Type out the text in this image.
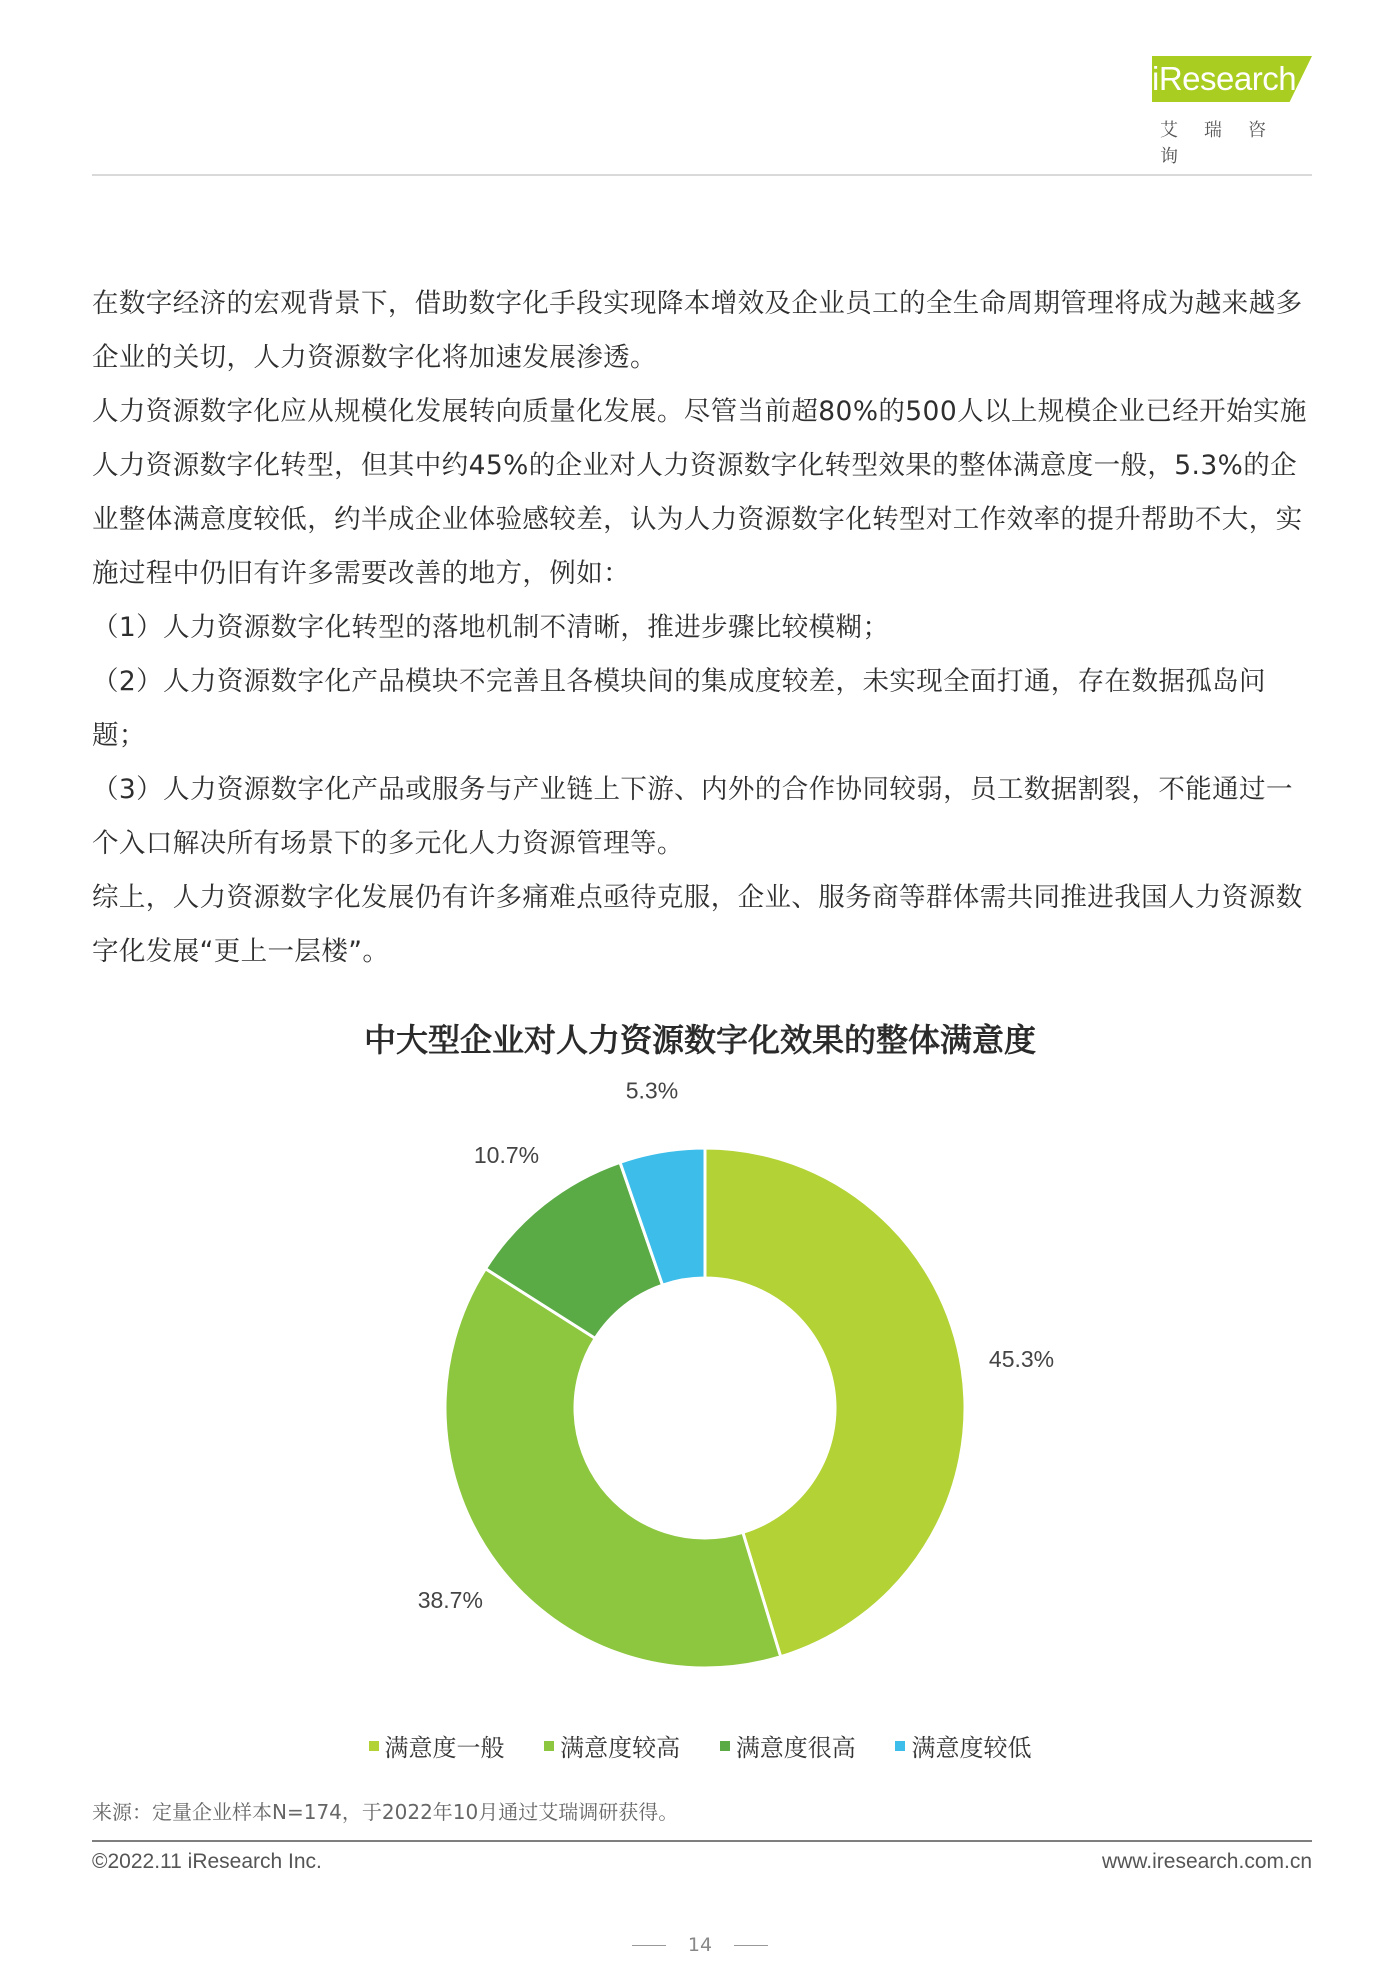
iResearch
艾瑞咨询

在数字经济的宏观背景下，借助数字化手段实现降本增效及企业员工的全生命周期管理将成为越来越多企业的关切，人力资源数字化将加速发展渗透。

人力资源数字化应从规模化发展转向质量化发展。尽管当前超80%的500人以上规模企业已经开始实施人力资源数字化转型，但其中约45%的企业对人力资源数字化转型效果的整体满意度一般，5.3%的企业整体满意度较低，约半成企业体验感较差，认为人力资源数字化转型对工作效率的提升帮助不大，实施过程中仍旧有许多需要改善的地方，例如：

（1）人力资源数字化转型的落地机制不清晰，推进步骤比较模糊；

（2）人力资源数字化产品模块不完善且各模块间的集成度较差，未实现全面打通，存在数据孤岛问题；

（3）人力资源数字化产品或服务与产业链上下游、内外的合作协同较弱，员工数据割裂，不能通过一个入口解决所有场景下的多元化人力资源管理等。

综上，人力资源数字化发展仍有许多痛难点亟待克服，企业、服务商等群体需共同推进我国人力资源数字化发展“更上一层楼”。

中大型企业对人力资源数字化效果的整体满意度
45.3%
38.7%
10.7%
5.3%
满意度一般 满意度较高 满意度很高 满意度较低
来源：定量企业样本N=174，于2022年10月通过艾瑞调研获得。
©2022.11 iResearch Inc.	www.iresearch.com.cn
14
